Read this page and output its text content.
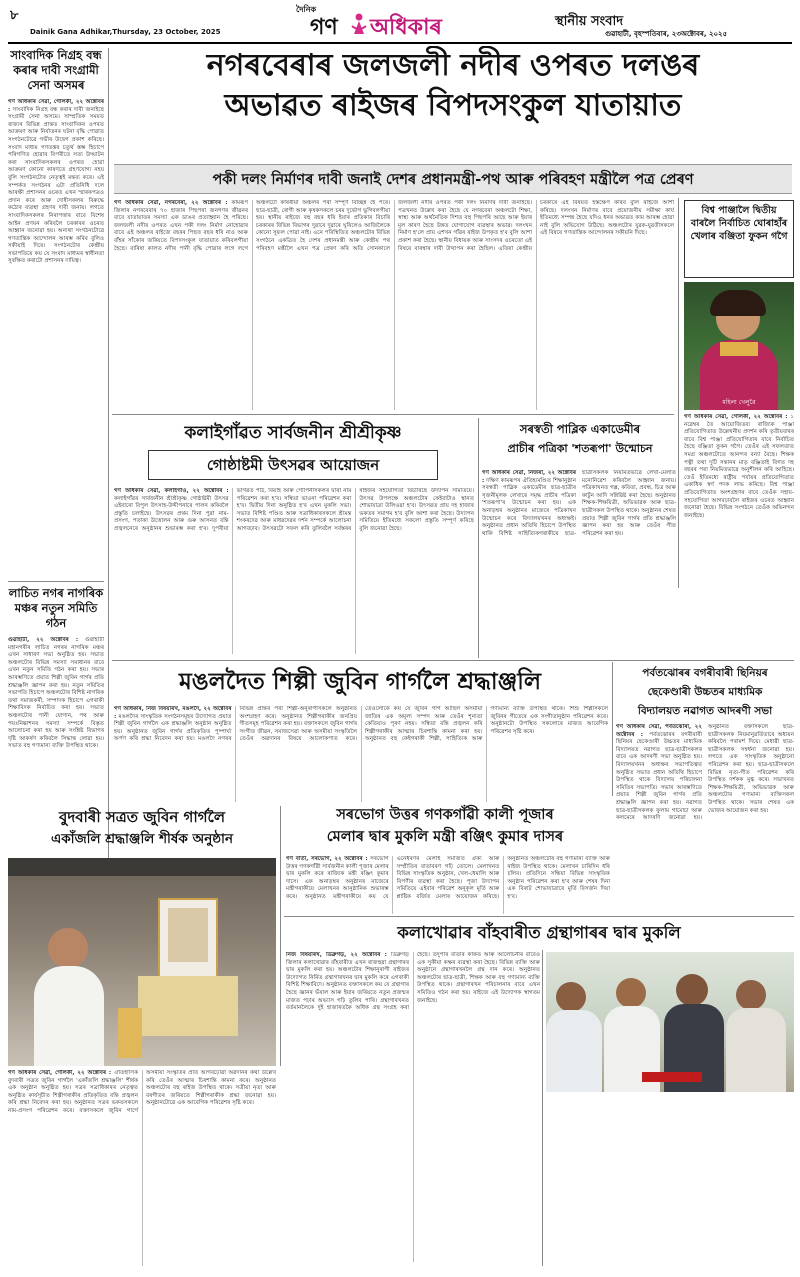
৮	দৈনিক
গণ অধিকাৰ	স্থানীয় সংবাদ
Dainik Gana Adhikar,Thursday, 23 October, 2025	গুৱাহাটী, বৃহস্পতিবাৰ, ২৩অক্টোবৰ, ২০২৫
সাংবাদিক নিগ্ৰহ বন্ধ কৰাৰ দাবী সংগ্ৰামী সেনা অসমৰ
গণ অধিকাৰ সেৱা, গোলকী, ২২ অক্টোবৰ : সাংবাদিক নিগ্ৰহ বন্ধ কৰাৰ দাবী জনাইছে সংগ্ৰামী সেনা অসমে। সাম্প্ৰতিক সময়ত ৰাজ্যৰ বিভিন্ন প্ৰান্তত সাংবাদিকৰ ওপৰত আক্ৰমণ আৰু নিৰ্যাতনৰ ঘটনা বৃদ্ধি পোৱাত সংগঠনটোৱে গভীৰ উদ্বেগ প্ৰকাশ কৰিছে। সংবাদ মাধ্যম গণতন্ত্ৰৰ চতুৰ্থ স্তম্ভ হিচাপে পৰিগণিত হোৱাৰ বিপৰীতে সত্য উদ্ঘাটন কৰা সাংবাদিকসকলৰ ওপৰত হোৱা আক্ৰমণ কোনো কাৰণতে গ্ৰহণযোগ্য নহয় বুলি সংগঠনটোৰ নেতৃত্বই মন্তব্য কৰে। এই সম্পৰ্কত সংগঠনৰ এটা প্ৰতিনিধি দলে আৰক্ষী প্ৰশাসনৰ ওচৰত এখন স্মাৰকপত্ৰও প্ৰদান কৰে আৰু দোষীসকলৰ বিৰুদ্ধে কঠোৰ ব্যৱস্থা গ্ৰহণৰ দাবী জনায়। লগতে সাংবাদিকসকলৰ নিৰাপত্তাৰ বাবে বিশেষ আইন প্ৰণয়ন কৰিবলৈ চৰকাৰৰ ওচৰত আহ্বান জনোৱা হয়। অন্যথা সংগঠনটোৱে গণতান্ত্ৰিক আন্দোলন আৰম্ভ কৰিব বুলিও সকীয়াই দিয়ে। সংগঠনটোৰ কেন্দ্ৰীয় সভাপতিয়ে কয় যে সংবাদ মাধ্যমৰ স্বাধীনতা সুৰক্ষিত কৰাটো প্ৰশাসনৰ দায়িত্ব।
লাচিত নগৰ নাগৰিক মঞ্চৰ নতুন সমিতি গঠন
গুৱাহাটী, ২২ অক্টোবৰ : গুৱাহাটী মহানগৰীৰ লাচিত নগৰৰ নাগৰিক মঞ্চৰ এখন সাধাৰণ সভা অনুষ্ঠিত হয়। সভাত অঞ্চলটোৰ বিভিন্ন সমস্যা সমাধানৰ বাবে এখন নতুন সমিতি গঠন কৰা হয়। সভাৰ আৰম্ভণিতে প্ৰয়াত শিল্পী জুবিন গাৰ্গৰ প্ৰতি শ্ৰদ্ধাঞ্জলি জ্ঞাপন কৰা হয়। নতুন সমিতিৰ সভাপতি হিচাপে অঞ্চলটোৰ বিশিষ্ট নাগৰিক তথা সমাজকৰ্মী, সম্পাদক হিচাপে এগৰাকী শিক্ষাবিদক নিৰ্বাচিত কৰা হয়। সভাত অঞ্চলটোৰ পানী যোগান, পথ আৰু পয়ঃনিষ্কাশনৰ সমস্যা সম্পৰ্কে বিস্তৃত আলোচনা কৰা হয় আৰু সংশ্লিষ্ট বিভাগৰ দৃষ্টি আকৰ্ষণ কৰিবলৈ সিদ্ধান্ত লোৱা হয়। সভাত বহু গণ্যমান্য ব্যক্তি উপস্থিত থাকে।
নগৰবেৰাৰ জলজলী নদীৰ ওপৰত দলঙৰ
অভাৱত ৰাইজৰ বিপদসংকুল যাতায়াত
পকী দলং নিৰ্মাণৰ দাবী জনাই দেশৰ প্ৰধানমন্ত্ৰী-পথ আৰু পৰিবহণ মন্ত্ৰীলৈ পত্ৰ প্ৰেৰণ
গণ অধিকাৰ সেৱা, নগৰবেৰা, ২২ অক্টোবৰ : কামৰূপ জিলাৰ নগৰবেৰাৰ ৭০ হাজাৰ পিছপৰা জনগণৰ জীৱনৰ বাবে যাতায়াতৰ সমস্যা এক ডাঙৰ প্ৰত্যাহ্বান হৈ পৰিছে। জলজলী নদীৰ ওপৰত এখন পকী দলং নিৰ্মাণ নোহোৱাৰ বাবে এই অঞ্চলৰ ৰাইজে বছৰৰ পিছত বছৰ ধৰি নাও আৰু বাঁহৰ সাঁকোৰ জৰিয়তে বিপদসংকুল যাতায়াত কৰিবলগীয়া হৈছে। বাৰিষা কালত নদীৰ পানী বৃদ্ধি পোৱাৰ লগে লগে অঞ্চলটো কাষৰীয়া অঞ্চলৰ পৰা সম্পূৰ্ণ বিচ্ছিন্ন হৈ পৰে। ছাত্ৰ-ছাত্ৰী, ৰোগী আৰু কৃষকসকলে চৰম দুৰ্ভোগ ভুগিবলগীয়া হয়। স্থানীয় ৰাইজে বহু বছৰ ধৰি ইয়াৰ প্ৰতিকাৰ বিচাৰি চৰকাৰৰ বিভিন্ন বিভাগৰ দুৱাৰে দুৱাৰে ঘূৰিলেও আজিলৈকে কোনো সুফল পোৱা নাই। এনে পৰিস্থিতিত অঞ্চলটোৰ বিভিন্ন সংগঠনে একত্ৰিত হৈ দেশৰ প্ৰধানমন্ত্ৰী আৰু কেন্দ্ৰীয় পথ পৰিবহণ মন্ত্ৰীলৈ এখন পত্ৰ প্ৰেৰণ কৰি অতি সোনকালে জলজলী নদীৰ ওপৰত পকী দলং নিৰ্মাণৰ দাবী জনাইছে। পত্ৰখনত উল্লেখ কৰা হৈছে যে নগৰবেৰা অঞ্চলটো শিক্ষা, স্বাস্থ্য আৰু অৰ্থনৈতিক দিশত বহু পিছপৰি আছে আৰু ইয়াৰ মূল কাৰণ হৈছে উন্নত যোগাযোগ ব্যৱস্থাৰ অভাৱ। দলংখন নিৰ্মাণ হ'লে প্ৰায় এশখন গাঁৱৰ ৰাইজ উপকৃত হ'ব বুলি আশা প্ৰকাশ কৰা হৈছে। স্থানীয় বিধায়ক আৰু সাংসদৰ ওচৰতো এই বিষয়ে বাৰম্বাৰ দাবী উত্থাপন কৰা হৈছিল। এতিয়া কেন্দ্ৰীয় চৰকাৰে এই বিষয়ত হস্তক্ষেপ কৰিব বুলি ৰাইজে আশা কৰিছে। দলংখন নিৰ্মাণৰ বাবে প্ৰয়োজনীয় সমীক্ষা কাৰ্য ইতিমধ্যে সম্পন্ন হৈছে যদিও ধনৰ অভাৱত কাম আৰম্ভ হোৱা নাই বুলি অভিযোগ উঠিছে। অঞ্চলটোৰ যুৱক-যুৱতীসকলে এই বিষয়ে গণতান্ত্ৰিক আন্দোলনৰ সকীয়নি দিছে।
বিশ্ব পাঞ্জালৈ দ্বিতীয় বাৰলৈ নিৰ্বাচিত ঘোৰাহাঁৰ খেলাৰ বঞ্জিতা ফুকন গগৈ
মহিলা খেলুৱৈ
গণ অধিকাৰ সেৱা, গোলকী, ২২ অক্টোবৰ : ১ নৱেম্বৰ তৈ আয়োজিতব্য ৰাজ্যিক পাঞ্জা প্ৰতিযোগিতাত উল্লেখনীয় প্ৰদৰ্শন কৰি তৃতীয়বাৰৰ বাবে বিশ্ব পাঞ্জা প্ৰতিযোগিতাৰ বাবে নিৰ্বাচিত হৈছে বঞ্জিতা ফুকন গগৈ। তেওঁৰ এই সফলতাত সমগ্ৰ অঞ্চলটোতে আনন্দৰ বন্যা বৈছে। শিক্ষক পত্নী তথা দুটি সন্তানৰ মাতৃ বঞ্জিতাই বিগত দহ বছৰৰ পৰা নিয়মিতভাৱে অনুশীলন কৰি আহিছে। তেওঁ ইতিমধ্যে ৰাষ্ট্ৰীয় পৰ্যায়ৰ প্ৰতিযোগিতাত একাধিক স্বৰ্ণ পদক লাভ কৰিছে। বিশ্ব পাঞ্জা প্ৰতিযোগিতাত অংশগ্ৰহণৰ বাবে তেওঁক সহায়-সহযোগিতা আগবঢ়াবলৈ ৰাইজৰ ওচৰত আহ্বান জনোৱা হৈছে। বিভিন্ন সংগঠনে তেওঁক অভিনন্দন জনাইছে।
কলাইগাঁৱত সাৰ্বজনীন শ্ৰীশ্ৰীকৃষ্ণ
গোষ্ঠাষ্টমী উৎসৱৰ আয়োজন
গণ অধিকাৰ সেৱা, কলাইগাঁও, ২২ অক্টোবৰ : কলাইগাঁৱৰ সাৰ্বজনীন শ্ৰীশ্ৰীকৃষ্ণ গোষ্ঠাষ্টমী উৎসৱ এইবাৰো বিপুল উৎসাহ-উদ্দীপনাৰে পালন কৰিবলৈ প্ৰস্তুতি চলাইছে। উৎসৱৰ প্ৰথম দিনা পুৱা নাম-প্ৰসংগ, পতাকা উত্তোলন আৰু গুৰু আসনত বন্তি প্ৰজ্বলনেৰে অনুষ্ঠানৰ শুভাৰম্ভ কৰা হ'ব। দুপৰীয়া ভাগৱত পাঠ, বিয়াহ আৰু গোপিনীসকলৰ দ্বাৰা নাম পৰিৱেশন কৰা হ'ব। সন্ধিয়া ভাওনা পৰিৱেশন কৰা হ'ব। দ্বিতীয় দিনা অনুষ্ঠিত হ'ব এখন মুকলি সভা। সভাত বিশিষ্ট পণ্ডিত আৰু সত্ৰাধিকাৰসকলে শ্ৰীমন্ত শংকৰদেৱ আৰু মাধৱদেৱৰ দৰ্শন সম্পৰ্কে আলোচনা আগবঢ়াব। উৎসৱটো সফল কৰি তুলিবলৈ সৰ্বস্তৰৰ ৰাইজৰ সহযোগিতা বিচাৰিছে উদ্যাপন সমিতিয়ে। উৎসৱ উপলক্ষে অঞ্চলটোৰ কেইবাটাও স্থানত শোভাযাত্ৰা উলিওৱা হ'ব। উৎসৱত প্ৰায় দহ হাজাৰ ভকতৰ সমাগম হ'ব বুলি আশা কৰা হৈছে। উদ্যাপন সমিতিয়ে ইতিমধ্যে সকলো প্ৰস্তুতি সম্পূৰ্ণ কৰিছে বুলি জনোৱা হৈছে।
সৰস্বতী পাব্লিক একাডেমীৰ
প্ৰাচীৰ পত্ৰিকা 'শতৰূপা' উন্মোচন
গণ অধিকাৰ সেৱা, নিজৰা, ২২ অক্টোবৰ : দক্ষিণ কামৰূপৰ ঐতিহ্যমণ্ডিত শিক্ষানুষ্ঠান সৰস্বতী পাব্লিক একাডেমীৰ ছাত্ৰ-ছাত্ৰীৰ সৃজনীমূলক লেখাৰে সমৃদ্ধ প্ৰাচীৰ পত্ৰিকা 'শতৰূপা'ৰ উন্মোচন কৰা হয়। এক অনাড়ম্বৰ অনুষ্ঠানৰ মাজেৰে পত্ৰিকাখন উন্মোচন কৰে বিদ্যালয়খনৰ অধ্যক্ষই। অনুষ্ঠানত প্ৰধান অতিথি হিচাপে উপস্থিত থাকি বিশিষ্ট সাহিত্যিকগৰাকীয়ে ছাত্ৰ-ছাত্ৰীসকলক নিয়মিতভাৱে লেখা-মেলাত মনোনিৱেশ কৰিবলৈ আহ্বান জনায়। পত্ৰিকাখনত গল্প, কবিতা, প্ৰবন্ধ, চিত্ৰ আৰু কাৰ্টুন আদি সন্নিৱিষ্ট কৰা হৈছে। অনুষ্ঠানত শিক্ষক-শিক্ষয়িত্ৰী, অভিভাৱক আৰু ছাত্ৰ-ছাত্ৰীসকল উপস্থিত থাকে। অনুষ্ঠানৰ শেষত প্ৰয়াত শিল্পী জুবিন গাৰ্গৰ প্ৰতি শ্ৰদ্ধাঞ্জলি জ্ঞাপন কৰা হয় আৰু তেওঁৰ গীত পৰিৱেশন কৰা হয়।
মঙলদৈত শিল্পী জুবিন গাৰ্গলৈ শ্ৰদ্ধাঞ্জলি
গণ অধিকাৰ, নিজ বিষয়ৰিখ, মঙলদৈ, ২২ অক্টোবৰ : মঙলদৈৰ সাংস্কৃতিক সংগঠনসমূহৰ উদ্যোগত প্ৰয়াত শিল্পী জুবিন গাৰ্গলৈ এক শ্ৰদ্ধাঞ্জলি অনুষ্ঠান অনুষ্ঠিত হয়। অনুষ্ঠানত জুবিন গাৰ্গৰ প্ৰতিকৃতিত পুষ্পাৰ্ঘ্য অৰ্পণ কৰি শ্ৰদ্ধা নিবেদন কৰা হয়। মঙলদৈ নগৰৰ বিভিন্ন প্ৰান্তৰ পৰা শিল্পী-অনুৰাগীসকলে অনুষ্ঠানত অংশগ্ৰহণ কৰে। অনুষ্ঠানত শিল্পীগৰাকীৰ জনপ্ৰিয় গীতসমূহ পৰিৱেশন কৰা হয়। বক্তাসকলে জুবিন গাৰ্গৰ সংগীত জীৱন, সমাজসেৱা আৰু অসমীয়া সংস্কৃতিলৈ তেওঁৰ অৱদানৰ বিষয়ে আলোকপাত কৰে। তেওঁলোকে কয় যে জুবিন গাৰ্গ আছিল অসমীয়া জাতিৰ এক অমূল্য সম্পদ আৰু তেওঁৰ শূন্যতা কেতিয়াও পূৰণ নহয়। সন্ধিয়া বন্তি প্ৰজ্বলন কৰি শিল্পীগৰাকীৰ আত্মাৰ চিৰশান্তি কামনা কৰা হয়। অনুষ্ঠানত বহু কেইগৰাকী শিল্পী, সাহিত্যিক আৰু গণ্যমান্য ব্যক্তি উপস্থিত থাকে। শিশু শিল্পীসকলে জুবিনৰ গীতেৰে এক সংগীতানুষ্ঠান পৰিৱেশন কৰে। অনুষ্ঠানটো উপস্থিত সকলোৰে মাজত আবেগিক পৰিৱেশৰ সৃষ্টি কৰে।
পৰ্বতঝোৰৰ বগৰীবাৰী ছিনিয়ৰ
ছেকেণ্ডাৰী উচ্চতৰ মাধ্যমিক
বিদ্যালয়ত নৱাগত আদৰণী সভা
গণ অধিকাৰ সেৱা, পৰ্বতঝোৰা, ২২ অক্টোবৰ : পৰ্বতঝোৰৰ বগৰীবাৰী ছিনিয়ৰ ছেকেণ্ডাৰী উচ্চতৰ মাধ্যমিক বিদ্যালয়ত নৱাগত ছাত্ৰ-ছাত্ৰীসকলৰ বাবে এক আদৰণী সভা অনুষ্ঠিত হয়। বিদ্যালয়খনৰ অধ্যক্ষৰ সভাপতিত্বত অনুষ্ঠিত সভাত প্ৰধান অতিথি হিচাপে উপস্থিত থাকে বিদ্যালয় পৰিচালনা সমিতিৰ সভাপতি। সভাৰ আৰম্ভণিতে প্ৰয়াত শিল্পী জুবিন গাৰ্গৰ প্ৰতি শ্ৰদ্ধাঞ্জলি জ্ঞাপন কৰা হয়। নৱাগত ছাত্ৰ-ছাত্ৰীসকলক ফুলাম গামোচা আৰু কলমেৰে আদৰণি জনোৱা হয়। অনুষ্ঠানত বক্তাসকলে ছাত্ৰ-ছাত্ৰীসকলক নিয়মানুৱৰ্তিতাৰে অধ্যয়ন কৰিবলৈ পৰামৰ্শ দিয়ে। মেধাৱী ছাত্ৰ-ছাত্ৰীসকলক সম্বৰ্ধনা জনোৱা হয়। লগতে এক সাংস্কৃতিক অনুষ্ঠানো পৰিৱেশন কৰা হয়। ছাত্ৰ-ছাত্ৰীসকলে বিভিন্ন নৃত্য-গীত পৰিৱেশন কৰি উপস্থিত দৰ্শকক মুগ্ধ কৰে। সভাখনত শিক্ষক-শিক্ষয়িত্ৰী, অভিভাৱক আৰু অঞ্চলটোৰ গণ্যমান্য ব্যক্তিসকল উপস্থিত থাকে। সভাৰ শেষত এক ভোজৰ আয়োজন কৰা হয়।
বুদবাৰী সত্ৰত জুবিন গাৰ্গলৈ
একাঁজলি শ্ৰদ্ধাঞ্জলি শীৰ্ষক অনুষ্ঠান
সৰভোগ উত্তৰ গণকগাঁৱী কালী পূজাৰ
মেলাৰ দ্বাৰ মুকলি মন্ত্ৰী ৰঞ্জিৎ কুমাৰ দাসৰ
গণ বাৰ্তা, সৰভোগ, ২২ অক্টোবৰ : সৰভোগ উত্তৰ গণকগাঁৱী সাৰ্বজনীন কালী পূজাৰ মেলাৰ দ্বাৰ মুকলি কৰে ৰাজ্যিক মন্ত্ৰী ৰঞ্জিৎ কুমাৰ দাসে। এক অনাড়ম্বৰ অনুষ্ঠানৰ মাজেৰে মন্ত্ৰীগৰাকীয়ে মেলাখনৰ আনুষ্ঠানিক শুভাৰম্ভ কৰে। অনুষ্ঠানত মন্ত্ৰীগৰাকীয়ে কয় যে এনেধৰণৰ মেলাই সমাজত ঐক্য আৰু সম্প্ৰীতিৰ বাতাবৰণ গঢ়ি তোলে। মেলাখনত বিভিন্ন সাংস্কৃতিক অনুষ্ঠান, খেল-ধেমালি আৰু বিপণীৰ ব্যৱস্থা কৰা হৈছে। পূজা উদ্যাপন সমিতিয়ে এইবাৰ পৰিৱেশ অনুকূল মূৰ্তি আৰু প্লাষ্টিক বৰ্জিত মেলাৰ আয়োজন কৰিছে। অনুষ্ঠানত অঞ্চলটোৰ বহু গণ্যমান্য ব্যক্তি আৰু ৰাইজ উপস্থিত থাকে। মেলাখন চাৰিদিন ধৰি চলিব। প্ৰতিদিনে সন্ধিয়া বিভিন্ন সাংস্কৃতিক অনুষ্ঠান পৰিৱেশন কৰা হ'ব আৰু শেষৰ দিনা এক বিৰাট শোভাযাত্ৰাৰে মূৰ্তি বিসৰ্জন দিয়া হ'ব।
কলাখোৱাৰ বাঁহবাৰীত গ্ৰন্থাগাৰৰ দ্বাৰ মুকলি
নিজ বিষয়ৰিখ, ডিব্ৰুগড়, ২২ অক্টোবৰ : ডিব্ৰুগড় জিলাৰ কলাখোৱাৰ বাঁহবাৰীত এখন ৰাজহুৱা গ্ৰন্থাগাৰৰ দ্বাৰ মুকলি কৰা হয়। অঞ্চলটোৰ শিক্ষানুৰাগী ৰাইজৰ উদ্যোগত নিৰ্মিত গ্ৰন্থাগাৰখনৰ দ্বাৰ মুকলি কৰে এগৰাকী বিশিষ্ট শিক্ষাবিদে। অনুষ্ঠানত বক্তাসকলে কয় যে গ্ৰন্থাগাৰ হৈছে জ্ঞানৰ ভঁৰাল আৰু ইয়াৰ জৰিয়তে নতুন প্ৰজন্মৰ মাজত পঢ়াৰ অভ্যাস গঢ়ি তুলিব পাৰি। গ্ৰন্থাগাৰখনত বৰ্তমানলৈকে দুই হাজাৰতকৈ অধিক গ্ৰন্থ সংগ্ৰহ কৰা হৈছে। তদুপৰি বাতৰি কাকত আৰু আলোচনীৰ বাবেও এক সুকীয়া কক্ষৰ ব্যৱস্থা কৰা হৈছে। বিভিন্ন ব্যক্তি আৰু অনুষ্ঠানে গ্ৰন্থাগাৰখনলৈ গ্ৰন্থ দান কৰে। অনুষ্ঠানত অঞ্চলটোৰ ছাত্ৰ-ছাত্ৰী, শিক্ষক আৰু বহু গণ্যমান্য ব্যক্তি উপস্থিত থাকে। গ্ৰন্থাগাৰখন পৰিচালনাৰ বাবে এখন সমিতিও গঠন কৰা হয়। ৰাইজে এই উদ্যোগক স্বাগতম জনাইছে।
গণ অধিকাৰ সেৱা, গোলকী, ২২ অক্টোবৰ : ঐতিহাসিক বুদবাৰী সত্ৰত জুবিন গাৰ্গলৈ 'একাঁজলি শ্ৰদ্ধাঞ্জলি' শীৰ্ষক এক অনুষ্ঠান অনুষ্ঠিত হয়। সত্ৰৰ সত্ৰাধিকাৰৰ নেতৃত্বত অনুষ্ঠিত কাৰ্যসূচীত শিল্পীগৰাকীৰ প্ৰতিকৃতিত বন্তি প্ৰজ্বলন কৰি শ্ৰদ্ধা নিবেদন কৰা হয়। অনুষ্ঠানত সত্ৰৰ ভকতসকলে নাম-প্ৰসংগ পৰিৱেশন কৰে। বক্তাসকলে জুবিন গাৰ্গে অসমীয়া সংস্কৃতিৰ প্ৰতি আগবঢ়োৱা অৱদানৰ কথা উল্লেখ কৰি তেওঁৰ আত্মাৰ চিৰশান্তি কামনা কৰে। অনুষ্ঠানত অঞ্চলটোৰ বহু ৰাইজ উপস্থিত থাকে। সত্ৰীয়া নৃত্য আৰু বৰগীতৰ জৰিয়তে শিল্পীগৰাকীক শ্ৰদ্ধা জনোৱা হয়। অনুষ্ঠানটোৱে এক আবেগিক পৰিৱেশৰ সৃষ্টি কৰে।
